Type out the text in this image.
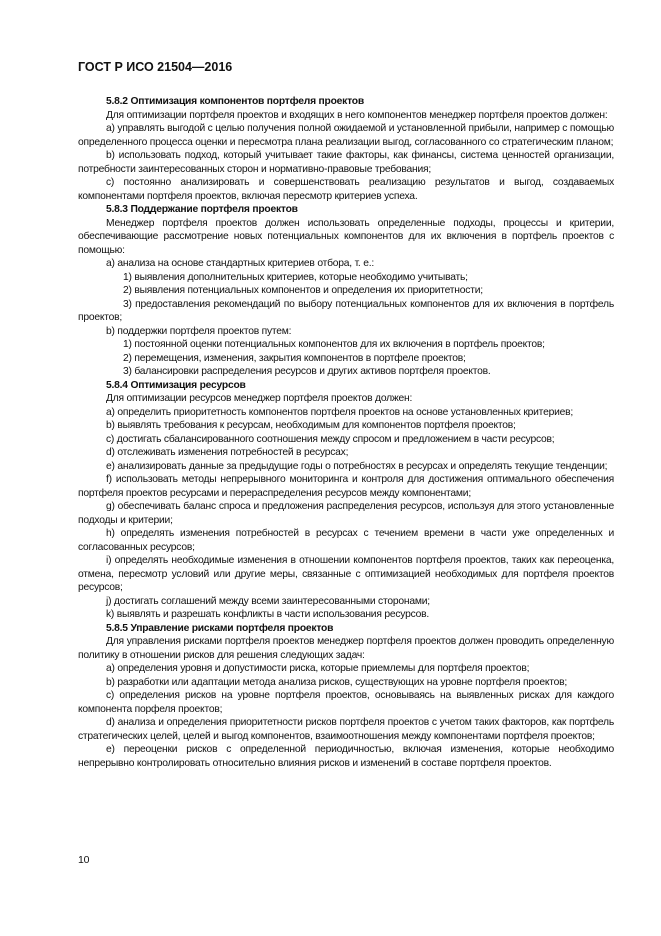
ГОСТ Р ИСО 21504—2016

5.8.2 Оптимизация компонентов портфеля проектов

Для оптимизации портфеля проектов и входящих в него компонентов менеджер портфеля проектов должен:

a) управлять выгодой с целью получения полной ожидаемой и установленной прибыли, например с помощью определенного процесса оценки и пересмотра плана реализации выгод, согласованного со стратегическим планом;

b) использовать подход, который учитывает такие факторы, как финансы, система ценностей организации, потребности заинтересованных сторон и нормативно-правовые требования;

c) постоянно анализировать и совершенствовать реализацию результатов и выгод, создаваемых компонентами портфеля проектов, включая пересмотр критериев успеха.

5.8.3 Поддержание портфеля проектов

Менеджер портфеля проектов должен использовать определенные подходы, процессы и критерии, обеспечивающие рассмотрение новых потенциальных компонентов для их включения в портфель проектов с помощью:

a) анализа на основе стандартных критериев отбора, т. е.:

1) выявления дополнительных критериев, которые необходимо учитывать;

2) выявления потенциальных компонентов и определения их приоритетности;

3) предоставления рекомендаций по выбору потенциальных компонентов для их включения в портфель проектов;

b) поддержки портфеля проектов путем:

1) постоянной оценки потенциальных компонентов для их включения в портфель проектов;

2) перемещения, изменения, закрытия компонентов в портфеле проектов;

3) балансировки распределения ресурсов и других активов портфеля проектов.

5.8.4 Оптимизация ресурсов

Для оптимизации ресурсов менеджер портфеля проектов должен:

a) определить приоритетность компонентов портфеля проектов на основе установленных критериев;

b) выявлять требования к ресурсам, необходимым для компонентов портфеля проектов;

c) достигать сбалансированного соотношения между спросом и предложением в части ресурсов;

d) отслеживать изменения потребностей в ресурсах;

e) анализировать данные за предыдущие годы о потребностях в ресурсах и определять текущие тенденции;

f) использовать методы непрерывного мониторинга и контроля для достижения оптимального обеспечения портфеля проектов ресурсами и перераспределения ресурсов между компонентами;

g) обеспечивать баланс спроса и предложения распределения ресурсов, используя для этого установленные подходы и критерии;

h) определять изменения потребностей в ресурсах с течением времени в части уже определенных и согласованных ресурсов;

i) определять необходимые изменения в отношении компонентов портфеля проектов, таких как переоценка, отмена, пересмотр условий или другие меры, связанные с оптимизацией необходимых для портфеля проектов ресурсов;

j) достигать соглашений между всеми заинтересованными сторонами;

k) выявлять и разрешать конфликты в части использования ресурсов.

5.8.5 Управление рисками портфеля проектов

Для управления рисками портфеля проектов менеджер портфеля проектов должен проводить определенную политику в отношении рисков для решения следующих задач:

a) определения уровня и допустимости риска, которые приемлемы для портфеля проектов;

b) разработки или адаптации метода анализа рисков, существующих на уровне портфеля проектов;

c) определения рисков на уровне портфеля проектов, основываясь на выявленных рисках для каждого компонента порфеля проектов;

d) анализа и определения приоритетности рисков портфеля проектов с учетом таких факторов, как портфель стратегических целей, целей и выгод компонентов, взаимоотношения между компонентами портфеля проектов;

e) переоценки рисков с определенной периодичностью, включая изменения, которые необходимо непрерывно контролировать относительно влияния рисков и изменений в составе портфеля проектов.

10
